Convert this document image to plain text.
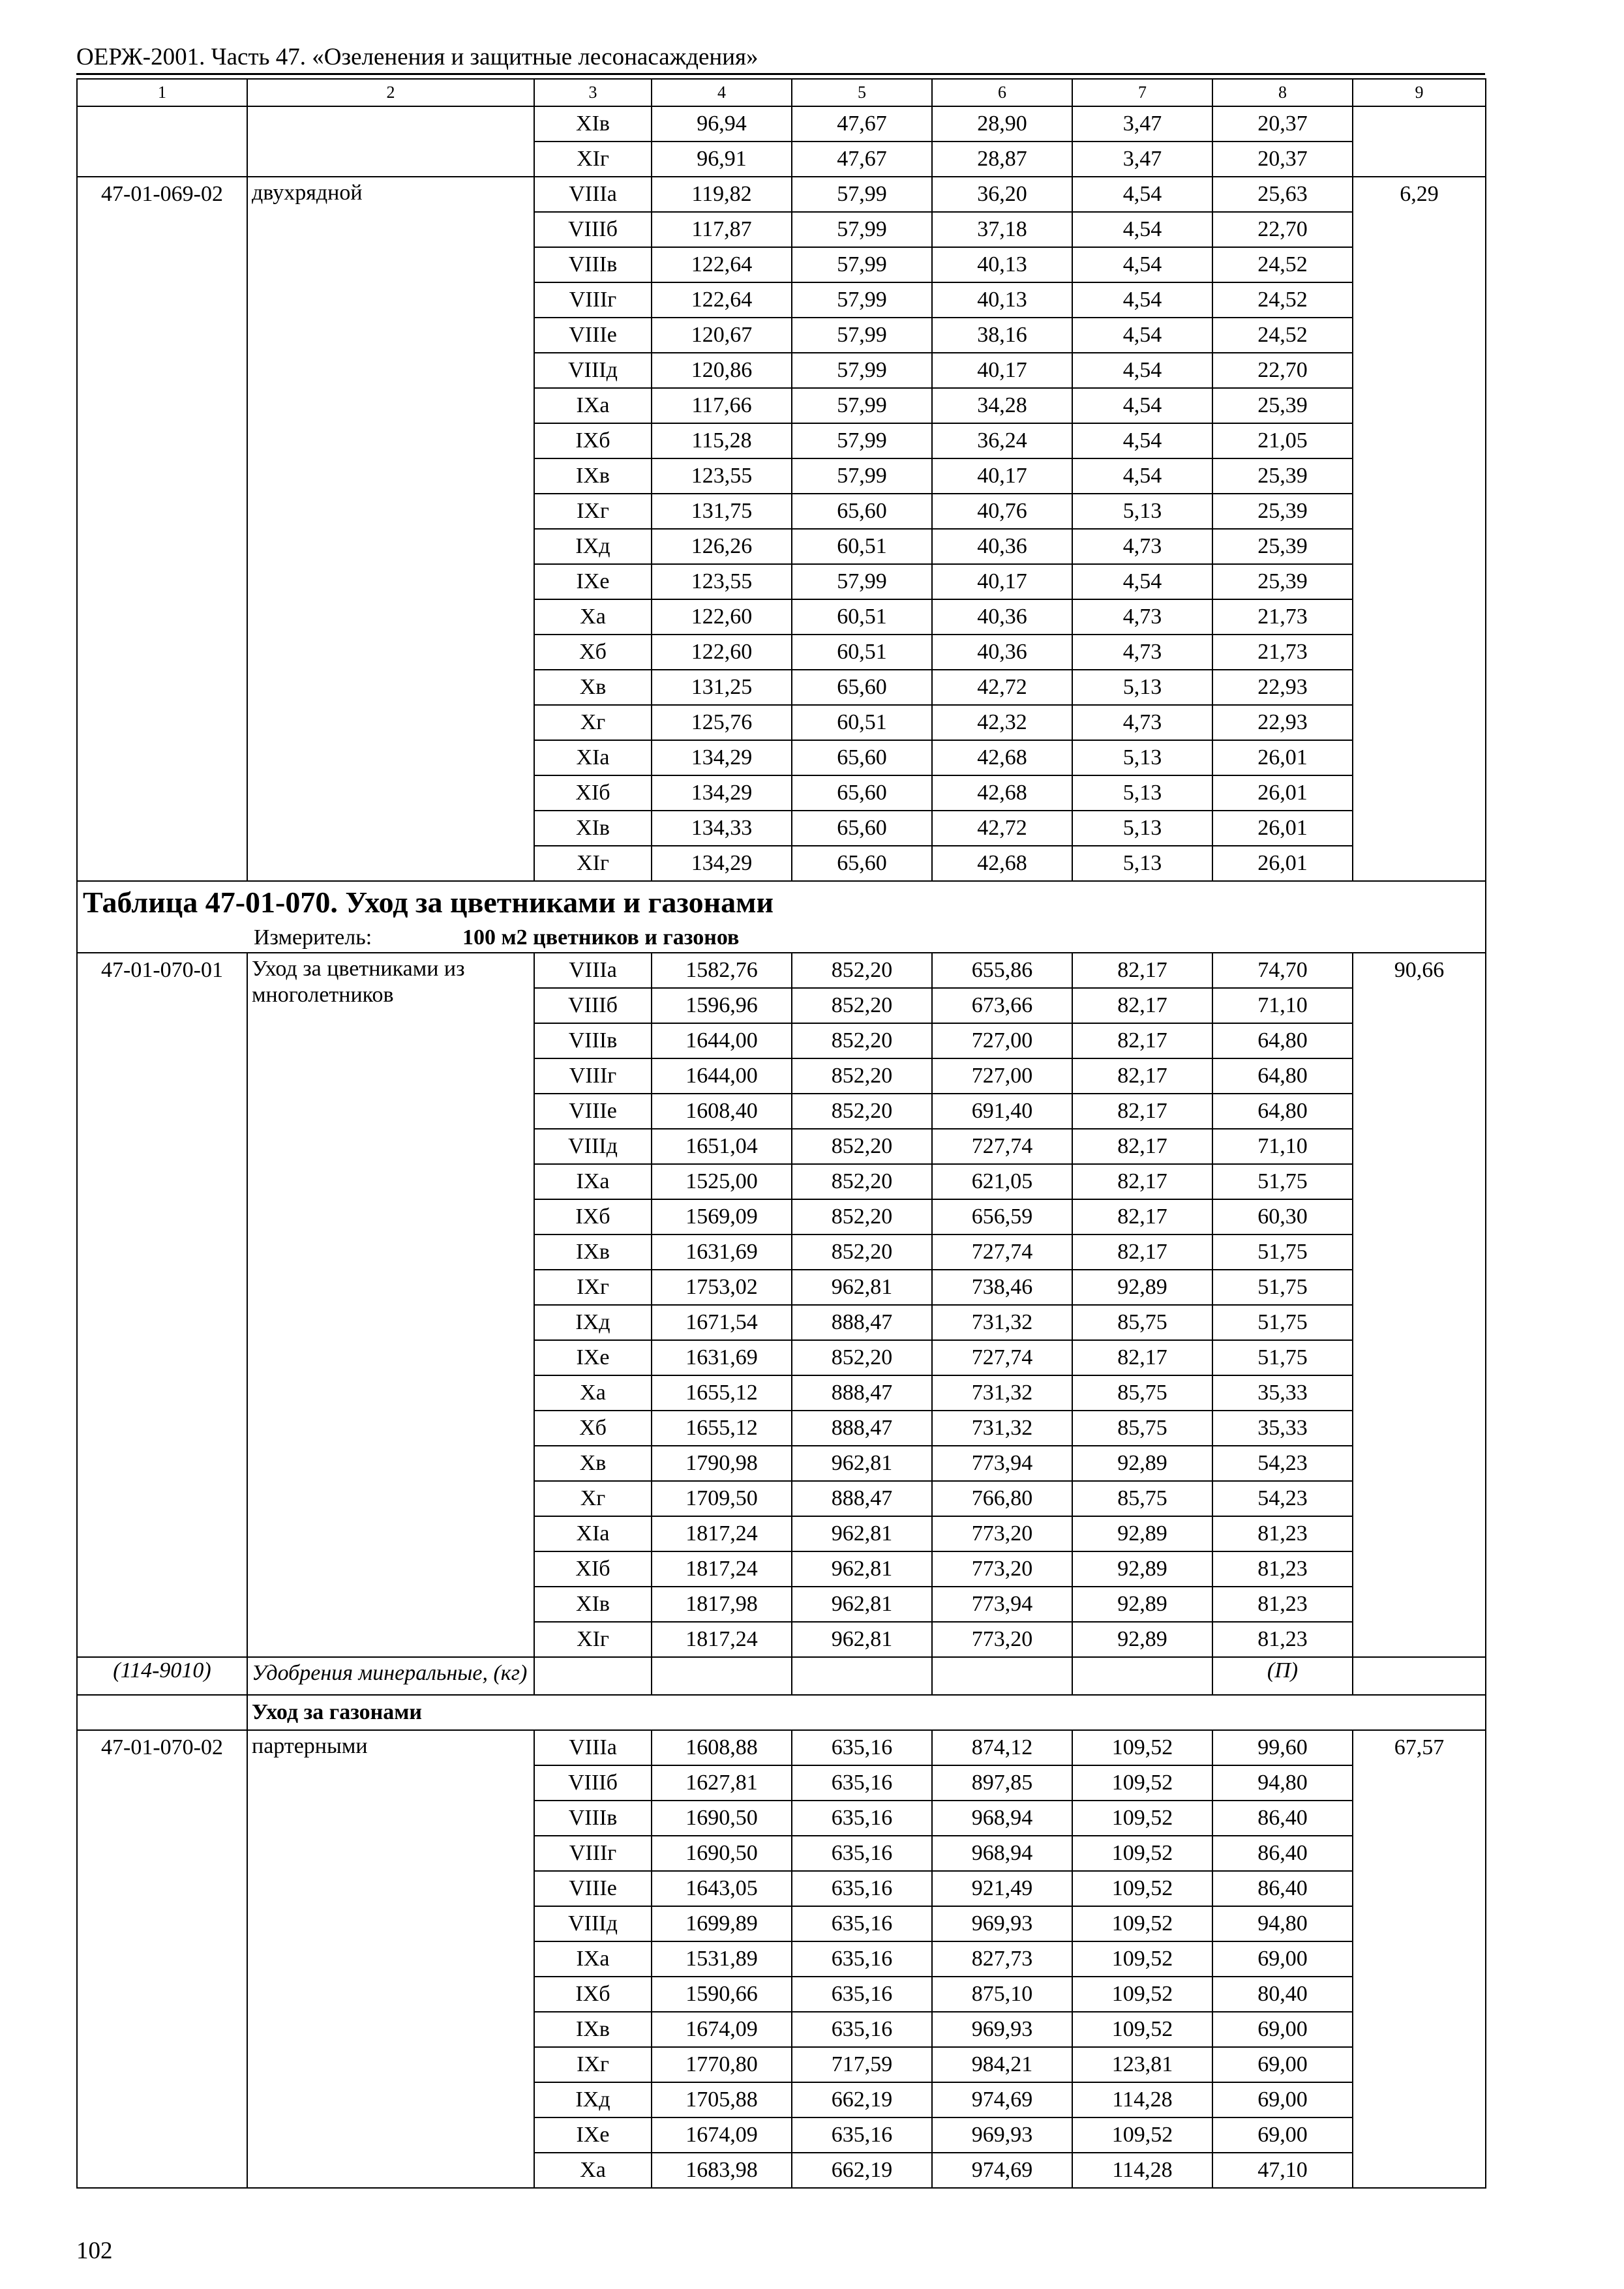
ОЕРЖ-2001. Часть 47. «Озеленения и защитные лесонасаждения»
1	2	3	4	5	6	7	8	9
		XIв	96,94	47,67	28,90	3,47	20,37	
		XIг	96,91	47,67	28,87	3,47	20,37	
47-01-069-02	двухрядной	VIIIа	119,82	57,99	36,20	4,54	25,63	6,29
		VIIIб	117,87	57,99	37,18	4,54	22,70	
		VIIIв	122,64	57,99	40,13	4,54	24,52	
		VIIIг	122,64	57,99	40,13	4,54	24,52	
		VIIIе	120,67	57,99	38,16	4,54	24,52	
		VIIIд	120,86	57,99	40,17	4,54	22,70	
		IXа	117,66	57,99	34,28	4,54	25,39	
		IXб	115,28	57,99	36,24	4,54	21,05	
		IXв	123,55	57,99	40,17	4,54	25,39	
		IXг	131,75	65,60	40,76	5,13	25,39	
		IXд	126,26	60,51	40,36	4,73	25,39	
		IXе	123,55	57,99	40,17	4,54	25,39	
		Xа	122,60	60,51	40,36	4,73	21,73	
		Xб	122,60	60,51	40,36	4,73	21,73	
		Xв	131,25	65,60	42,72	5,13	22,93	
		Xг	125,76	60,51	42,32	4,73	22,93	
		XIа	134,29	65,60	42,68	5,13	26,01	
		XIб	134,29	65,60	42,68	5,13	26,01	
		XIв	134,33	65,60	42,72	5,13	26,01	
		XIг	134,29	65,60	42,68	5,13	26,01	
Таблица 47-01-070. Уход за цветниками и газонами								
Измеритель: 100 м2 цветников и газонов								
47-01-070-01	Уход за цветниками из многолетников	VIIIа	1582,76	852,20	655,86	82,17	74,70	90,66
		VIIIб	1596,96	852,20	673,66	82,17	71,10	
		VIIIв	1644,00	852,20	727,00	82,17	64,80	
		VIIIг	1644,00	852,20	727,00	82,17	64,80	
		VIIIе	1608,40	852,20	691,40	82,17	64,80	
		VIIIд	1651,04	852,20	727,74	82,17	71,10	
		IXа	1525,00	852,20	621,05	82,17	51,75	
		IXб	1569,09	852,20	656,59	82,17	60,30	
		IXв	1631,69	852,20	727,74	82,17	51,75	
		IXг	1753,02	962,81	738,46	92,89	51,75	
		IXд	1671,54	888,47	731,32	85,75	51,75	
		IXе	1631,69	852,20	727,74	82,17	51,75	
		Xа	1655,12	888,47	731,32	85,75	35,33	
		Xб	1655,12	888,47	731,32	85,75	35,33	
		Xв	1790,98	962,81	773,94	92,89	54,23	
		Xг	1709,50	888,47	766,80	85,75	54,23	
		XIа	1817,24	962,81	773,20	92,89	81,23	
		XIб	1817,24	962,81	773,20	92,89	81,23	
		XIв	1817,98	962,81	773,94	92,89	81,23	
		XIг	1817,24	962,81	773,20	92,89	81,23	
(114-9010)	Удобрения минеральные, (кг)						(П)	
	Уход за газонами							
47-01-070-02	партерными	VIIIа	1608,88	635,16	874,12	109,52	99,60	67,57
		VIIIб	1627,81	635,16	897,85	109,52	94,80	
		VIIIв	1690,50	635,16	968,94	109,52	86,40	
		VIIIг	1690,50	635,16	968,94	109,52	86,40	
		VIIIе	1643,05	635,16	921,49	109,52	86,40	
		VIIIд	1699,89	635,16	969,93	109,52	94,80	
		IXа	1531,89	635,16	827,73	109,52	69,00	
		IXб	1590,66	635,16	875,10	109,52	80,40	
		IXв	1674,09	635,16	969,93	109,52	69,00	
		IXг	1770,80	717,59	984,21	123,81	69,00	
		IXд	1705,88	662,19	974,69	114,28	69,00	
		IXе	1674,09	635,16	969,93	109,52	69,00	
		Xа	1683,98	662,19	974,69	114,28	47,10	
102
